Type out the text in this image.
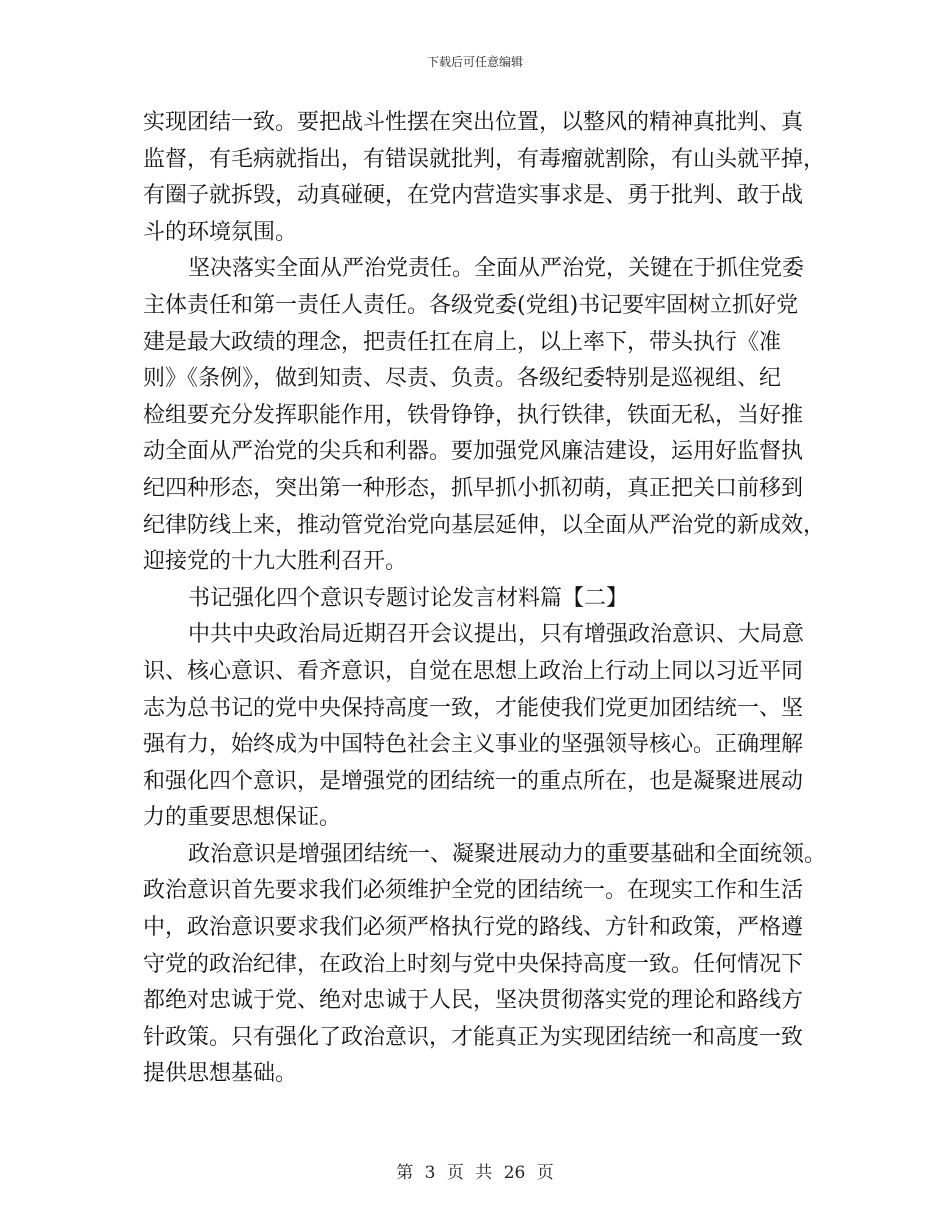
下载后可任意编辑
实现团结一致。要把战斗性摆在突出位置，以整风的精神真批判、真
监督，有毛病就指出，有错误就批判，有毒瘤就割除，有山头就平掉，
有圈子就拆毁，动真碰硬，在党内营造实事求是、勇于批判、敢于战
斗的环境氛围。
坚决落实全面从严治党责任。全面从严治党，关键在于抓住党委
主体责任和第一责任人责任。各级党委(党组)书记要牢固树立抓好党
建是最大政绩的理念，把责任扛在肩上，以上率下，带头执行《准
则》《条例》，做到知责、尽责、负责。各级纪委特别是巡视组、纪
检组要充分发挥职能作用，铁骨铮铮，执行铁律，铁面无私，当好推
动全面从严治党的尖兵和利器。要加强党风廉洁建设，运用好监督执
纪四种形态，突出第一种形态，抓早抓小抓初萌，真正把关口前移到
纪律防线上来，推动管党治党向基层延伸，以全面从严治党的新成效，
迎接党的十九大胜利召开。
书记强化四个意识专题讨论发言材料篇【二】
中共中央政治局近期召开会议提出，只有增强政治意识、大局意
识、核心意识、看齐意识，自觉在思想上政治上行动上同以习近平同
志为总书记的党中央保持高度一致，才能使我们党更加团结统一、坚
强有力，始终成为中国特色社会主义事业的坚强领导核心。正确理解
和强化四个意识，是增强党的团结统一的重点所在，也是凝聚进展动
力的重要思想保证。
政治意识是增强团结统一、凝聚进展动力的重要基础和全面统领。
政治意识首先要求我们必须维护全党的团结统一。在现实工作和生活
中，政治意识要求我们必须严格执行党的路线、方针和政策，严格遵
守党的政治纪律，在政治上时刻与党中央保持高度一致。任何情况下
都绝对忠诚于党、绝对忠诚于人民，坚决贯彻落实党的理论和路线方
针政策。只有强化了政治意识，才能真正为实现团结统一和高度一致
提供思想基础。
第 3 页 共 26 页
